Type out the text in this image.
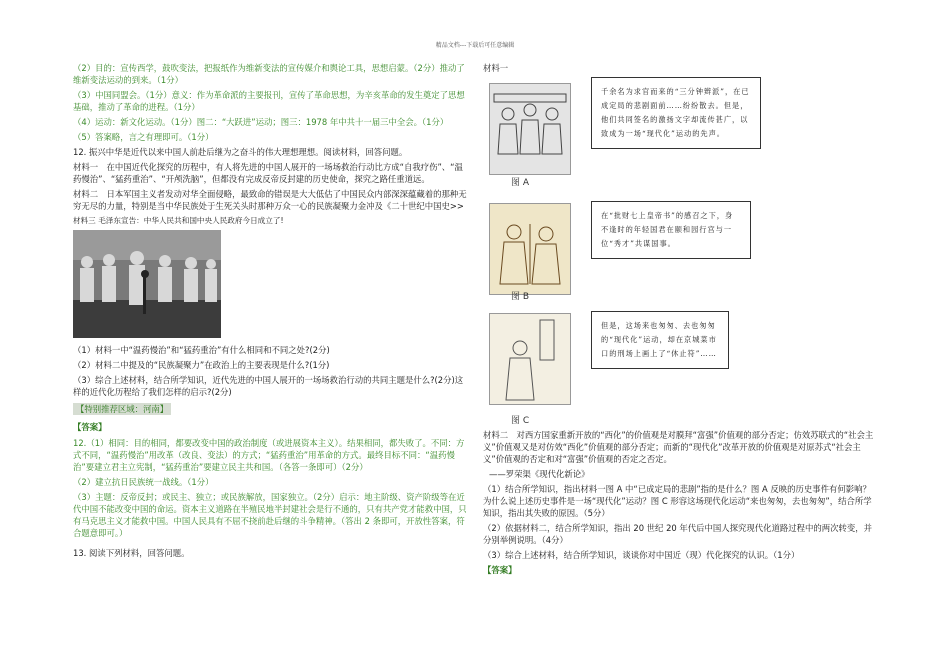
精品文档---下载后可任意编辑
（2）目的：宣传西学，鼓吹变法，把报纸作为维新变法的宣传媒介和舆论工具，思想启蒙。（2分）推动了维新变法运动的到来。（1分）
（3）中国同盟会。（1分）意义：作为革命派的主要报刊，宣传了革命思想，为辛亥革命的发生奠定了思想基础，推动了革命的进程。（1分）
（4）运动：新文化运动。（1分）图二：“大跃进”运动；图三：1978 年中共十一届三中全会。（1分）
（5）答案略，言之有理即可。（1分）
12. 振兴中华是近代以来中国人前赴后继为之奋斗的伟大理想理想。阅读材料，回答问题。
材料一　在中国近代化探究的历程中，有人将先进的中国人展开的一场场救治行动比方成“自我疗伤”、“温药慢治”、“猛药重治”、“开颅洗脑”，但都没有完成反帝反封建的历史使命，探究之路任重道远。
材料二　日本军国主义者发动对华全面侵略，最致命的错误是大大低估了中国民众内部深深蕴藏着的那种无穷无尽的力量，特别是当中华民族处于生死关头时那种万众一心的民族凝聚力金冲及《二十世纪中国史>>
材料三 毛泽东宣告：中华人民共和国中央人民政府今日成立了!
（1）材料一中“温药慢治”和“猛药重治”有什么相同和不同之处?(2分)
（2）材料二中提及的“民族凝聚力”在政治上的主要表现是什么?(1分)
（3）综合上述材料，结合所学知识，近代先进的中国人展开的一场场救治行动的共同主题是什么?(2分)这样的近代化历程给了我们怎样的启示?(2分)
【特别推荐区域：河南】
【答案】
12.（1）相同：目的相同，都要改变中国的政治制度（或进展资本主义）。结果相同，都失败了。不同：方式不同，“温药慢治”用改革（改良、变法）的方式；“猛药重治”用革命的方式。最终目标不同：“温药慢治”要建立君主立宪制，“猛药重治”要建立民主共和国。（各答一条即可）（2分）
（2）建立抗日民族统一战线。（1分）
（3）主题：反帝反封；或民主、独立；或民族解放，国家独立。（2分）启示：地主阶级、资产阶级等在近代中国不能改变中国的命运。资本主义道路在半殖民地半封建社会是行不通的，只有共产党才能救中国，只有马克思主义才能救中国。中国人民具有不屈不挠前赴后继的斗争精神。（答出 2 条即可，开放性答案，符合题意即可。）
13. 阅读下列材料，回答问题。
材料一
图 A
千余名为求官而来的“三分钟辫派”，在已成定局的悲剧面前……纷纷散去。但是，他们共同签名的激扬文字却流传甚广，以致成为一场“现代化”运动的先声。
图 B
在“批财七上皇帝书”的感召之下，身不逢时的年轻国君在颐和园行宫与一位“秀才”共谋国事。
图 C
但是，这场来也匆匆、去也匆匆的“现代化”运动，却在京城菜市口的刑场上画上了“休止符”……
材料二　对西方国家重新开放的“西化”的价值观是对膜拜“富强”价值观的部分否定；仿效苏联式的“社会主义”价值观又是对仿效“西化”价值观的部分否定；而新的“现代化”改革开放的价值观是对原苏式“社会主义”价值观的否定和对“富强”价值观的否定之否定。
——罗荣渠《现代化新论》
（1）结合所学知识，指出材料一图 A 中“已成定局的悲剧”指的是什么？图 A 反映的历史事件有何影响？为什么说上述历史事件是一场“现代化”运动？图 C 形容这场现代化运动“来也匆匆，去也匆匆”，结合所学知识，指出其失败的原因。（5分）
（2）依据材料二，结合所学知识，指出 20 世纪 20 年代后中国人探究现代化道路过程中的两次转变，并分别举例说明。（4分）
（3）综合上述材料，结合所学知识，谈谈你对中国近（现）代化探究的认识。（1分）
【答案】
